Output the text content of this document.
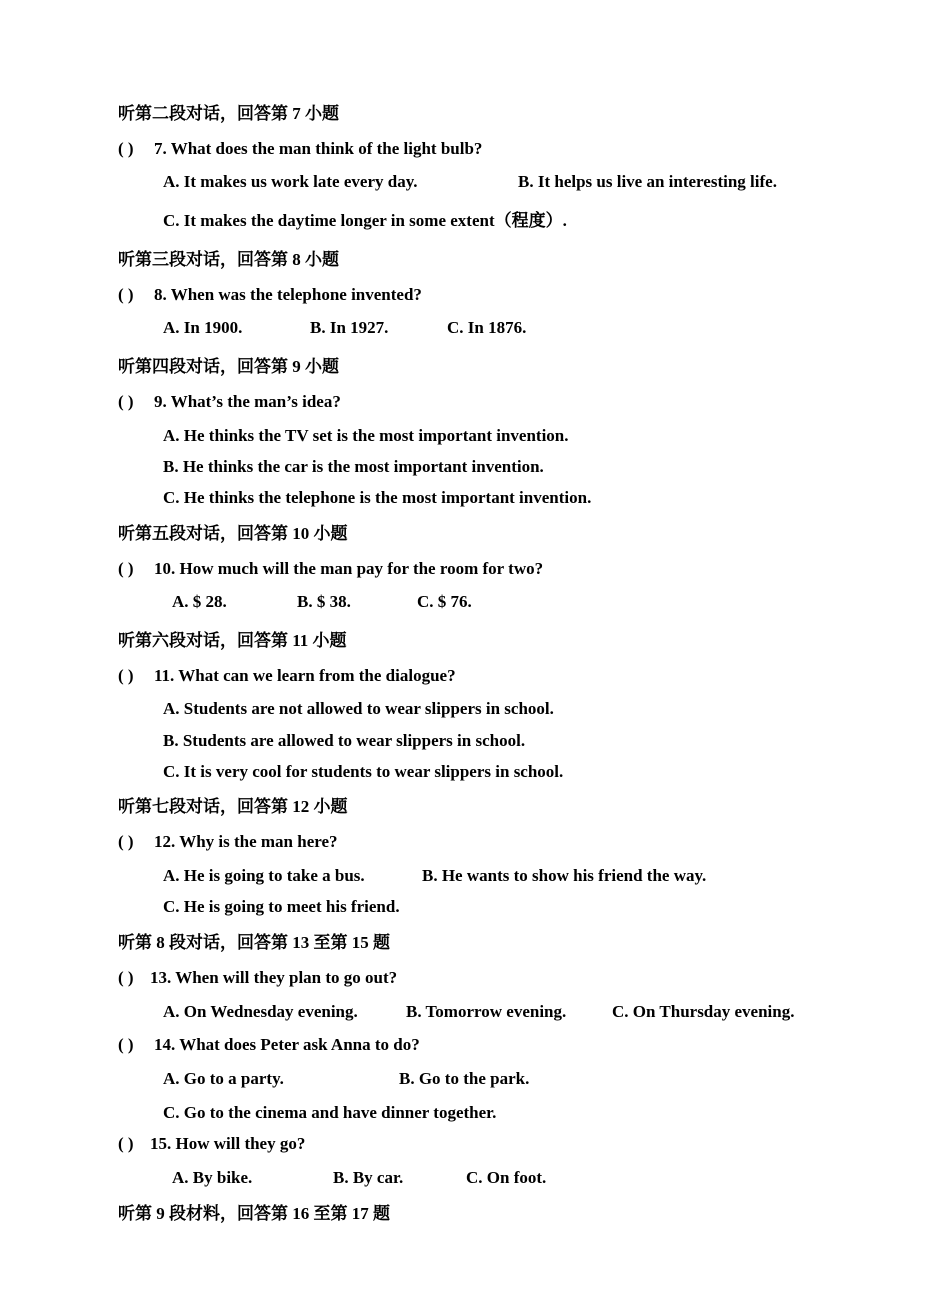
听第二段对话，回答第 7 小题
( ) 7. What does the man think of the light bulb?
A. It makes us work late every day.	B. It helps us live an interesting life.
C. It makes the daytime longer in some extent（程度）.
听第三段对话，回答第 8 小题
( ) 8. When was the telephone invented?
A. In 1900.	B. In 1927.	C. In 1876.
听第四段对话，回答第 9 小题
( ) 9. What’s the man’s idea?
A. He thinks the TV set is the most important invention.
B. He thinks the car is the most important invention.
C. He thinks the telephone is the most important invention.
听第五段对话，回答第 10 小题
( ) 10. How much will the man pay for the room for two?
A. $ 28.	B. $ 38.	C. $ 76.
听第六段对话，回答第 11 小题
( ) 11. What can we learn from the dialogue?
A. Students are not allowed to wear slippers in school.
B. Students are allowed to wear slippers in school.
C. It is very cool for students to wear slippers in school.
听第七段对话，回答第 12 小题
( ) 12. Why is the man here?
A. He is going to take a bus.	B. He wants to show his friend the way.
C. He is going to meet his friend.
听第 8 段对话，回答第 13 至第 15 题
( ) 13. When will they plan to go out?
A. On Wednesday evening.	B. Tomorrow evening.	C. On Thursday evening.
( ) 14. What does Peter ask Anna to do?
A. Go to a party.	B. Go to the park.
C. Go to the cinema and have dinner together.
( ) 15. How will they go?
A. By bike.	B. By car.	C. On foot.
听第 9 段材料，回答第 16 至第 17 题
